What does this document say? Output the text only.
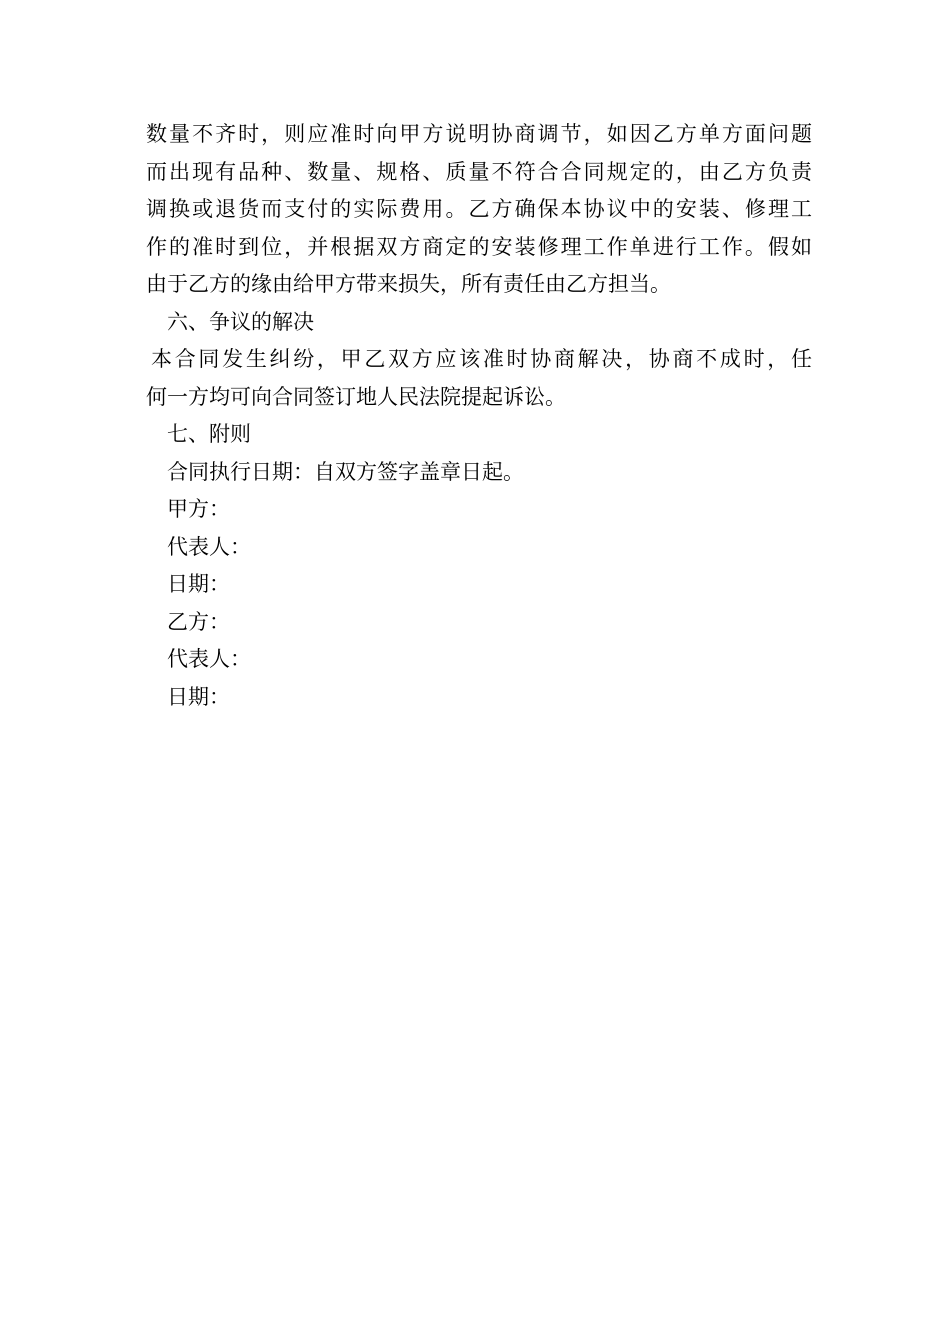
数量不齐时，则应准时向甲方说明协商调节，如因乙方单方面问题
而出现有品种、数量、规格、质量不符合合同规定的，由乙方负责
调换或退货而支付的实际费用。乙方确保本协议中的安装、修理工
作的准时到位，并根据双方商定的安装修理工作单进行工作。假如
由于乙方的缘由给甲方带来损失，所有责任由乙方担当。
六、争议的解决
本合同发生纠纷，甲乙双方应该准时协商解决，协商不成时，任
何一方均可向合同签订地人民法院提起诉讼。
七、附则
合同执行日期：自双方签字盖章日起。
甲方：
代表人：
日期：
乙方：
代表人：
日期：
